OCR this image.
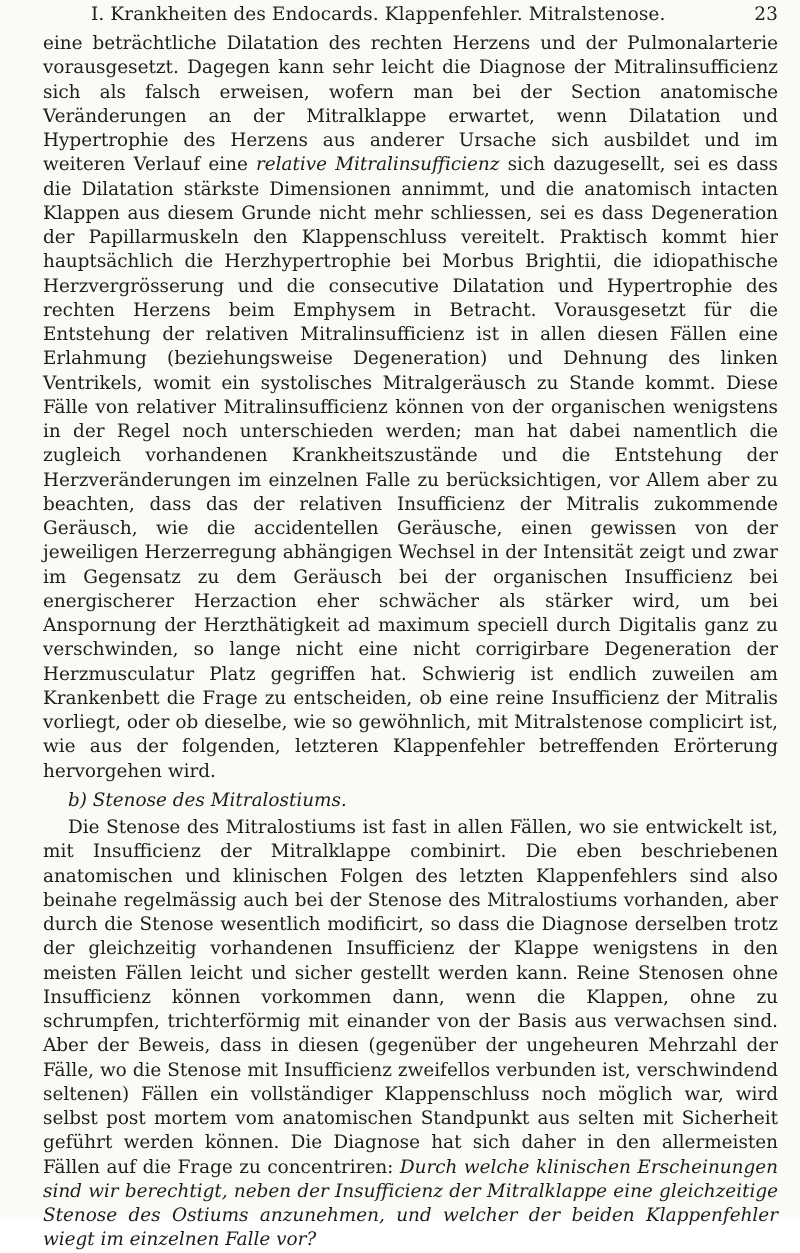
I. Krankheiten des Endocards. Klappenfehler. Mitralstenose.	23

eine beträchtliche Dilatation des rechten Herzens und der Pulmonalarterie vorausgesetzt. Dagegen kann sehr leicht die Diagnose der Mitralinsufficienz sich als falsch erweisen, wofern man bei der Section anatomische Veränderungen an der Mitralklappe erwartet, wenn Dilatation und Hypertrophie des Herzens aus anderer Ursache sich ausbildet und im weiteren Verlauf eine relative Mitralinsufficienz sich dazugesellt, sei es dass die Dilatation stärkste Dimensionen annimmt, und die anatomisch intacten Klappen aus diesem Grunde nicht mehr schliessen, sei es dass Degeneration der Papillarmuskeln den Klappenschluss vereitelt. Praktisch kommt hier hauptsächlich die Herzhypertrophie bei Morbus Brightii, die idiopathische Herzvergrösserung und die consecutive Dilatation und Hypertrophie des rechten Herzens beim Emphysem in Betracht. Vorausgesetzt für die Entstehung der relativen Mitralinsufficienz ist in allen diesen Fällen eine Erlahmung (beziehungsweise Degeneration) und Dehnung des linken Ventrikels, womit ein systolisches Mitralgeräusch zu Stande kommt. Diese Fälle von relativer Mitralinsufficienz können von der organischen wenigstens in der Regel noch unterschieden werden; man hat dabei namentlich die zugleich vorhandenen Krankheitszustände und die Entstehung der Herzveränderungen im einzelnen Falle zu berücksichtigen, vor Allem aber zu beachten, dass das der relativen Insufficienz der Mitralis zukommende Geräusch, wie die accidentellen Geräusche, einen gewissen von der jeweiligen Herzerregung abhängigen Wechsel in der Intensität zeigt und zwar im Gegensatz zu dem Geräusch bei der organischen Insufficienz bei energischerer Herzaction eher schwächer als stärker wird, um bei Anspornung der Herzthätigkeit ad maximum speciell durch Digitalis ganz zu verschwinden, so lange nicht eine nicht corrigirbare Degeneration der Herzmusculatur Platz gegriffen hat. Schwierig ist endlich zuweilen am Krankenbett die Frage zu entscheiden, ob eine reine Insufficienz der Mitralis vorliegt, oder ob dieselbe, wie so gewöhnlich, mit Mitralstenose complicirt ist, wie aus der folgenden, letzteren Klappenfehler betreffenden Erörterung hervorgehen wird.

b) Stenose des Mitralostiums.

Die Stenose des Mitralostiums ist fast in allen Fällen, wo sie entwickelt ist, mit Insufficienz der Mitralklappe combinirt. Die eben beschriebenen anatomischen und klinischen Folgen des letzten Klappenfehlers sind also beinahe regelmässig auch bei der Stenose des Mitralostiums vorhanden, aber durch die Stenose wesentlich modificirt, so dass die Diagnose derselben trotz der gleichzeitig vorhandenen Insufficienz der Klappe wenigstens in den meisten Fällen leicht und sicher gestellt werden kann. Reine Stenosen ohne Insufficienz können vorkommen dann, wenn die Klappen, ohne zu schrumpfen, trichterförmig mit einander von der Basis aus verwachsen sind. Aber der Beweis, dass in diesen (gegenüber der ungeheuren Mehrzahl der Fälle, wo die Stenose mit Insufficienz zweifellos verbunden ist, verschwindend seltenen) Fällen ein vollständiger Klappenschluss noch möglich war, wird selbst post mortem vom anatomischen Standpunkt aus selten mit Sicherheit geführt werden können. Die Diagnose hat sich daher in den allermeisten Fällen auf die Frage zu concentriren: Durch welche klinischen Erscheinungen sind wir berechtigt, neben der Insufficienz der Mitralklappe eine gleichzeitige Stenose des Ostiums anzunehmen, und welcher der beiden Klappenfehler wiegt im einzelnen Falle vor?
